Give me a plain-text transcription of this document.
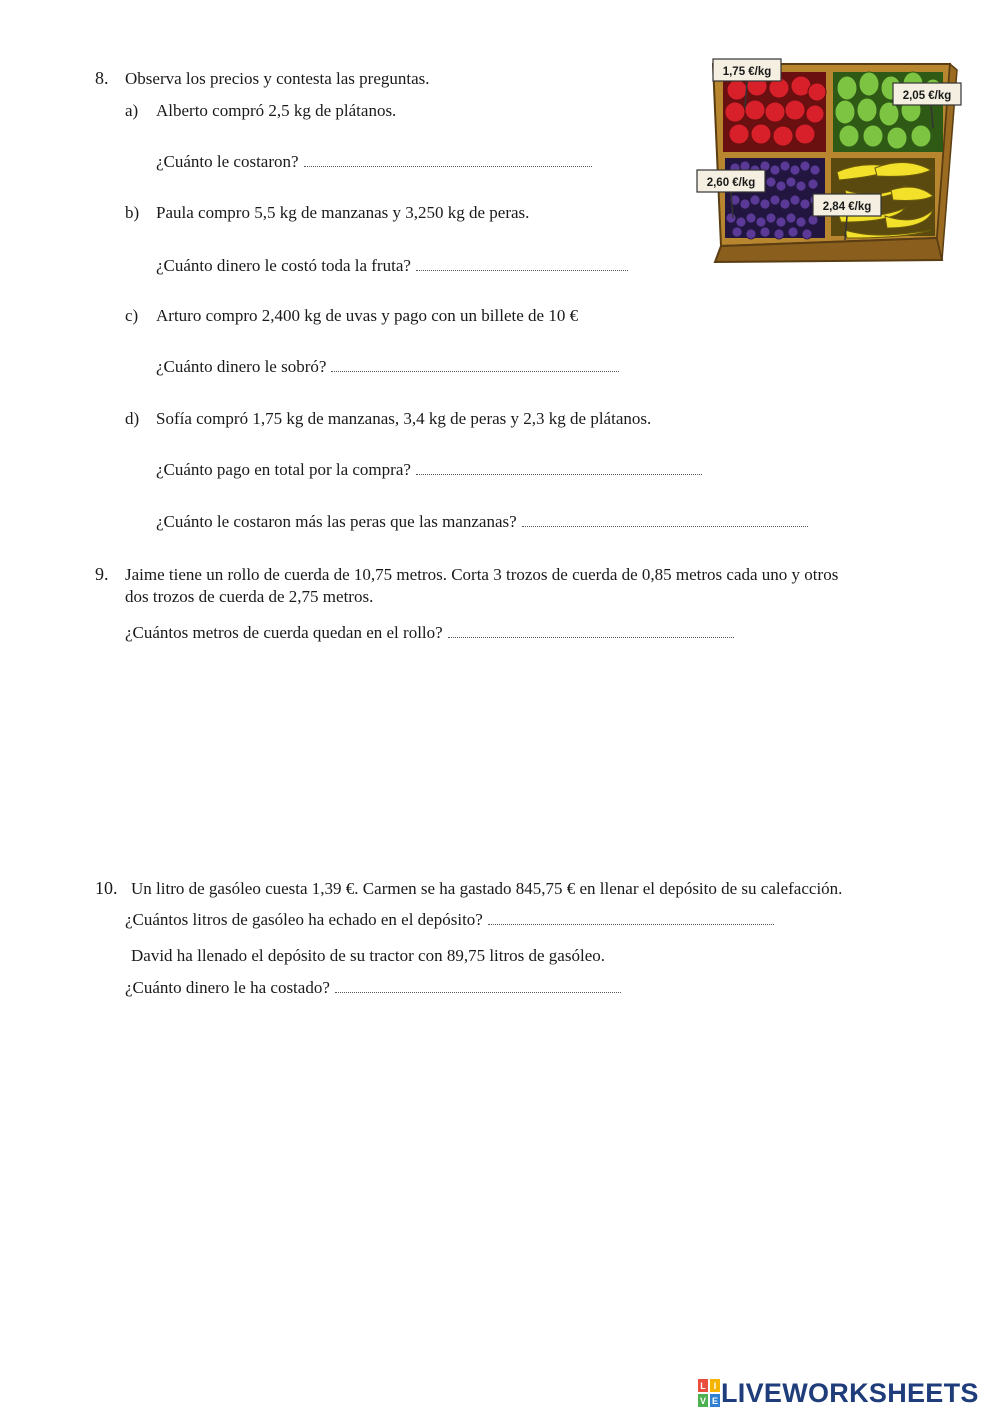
8. Observa los precios y contesta las preguntas.
a) Alberto compró 2,5 kg de plátanos.
¿Cuánto le costaron?
b) Paula compro 5,5 kg de manzanas y 3,250 kg de peras.
¿Cuánto dinero le costó toda la fruta?
c) Arturo compro 2,400 kg de uvas y pago con un billete de 10 €
¿Cuánto dinero le sobró?
d) Sofía compró 1,75 kg de manzanas, 3,4 kg de peras y 2,3 kg de plátanos.
¿Cuánto pago en total por la compra?
¿Cuánto le costaron más las peras que las manzanas?
9. Jaime tiene un rollo de cuerda de 10,75 metros. Corta 3 trozos de cuerda de 0,85 metros cada uno y otros
dos trozos de cuerda de 2,75 metros.
¿Cuántos metros de cuerda quedan en el rollo?
10. Un litro de gasóleo cuesta 1,39 €. Carmen se ha gastado 845,75 € en llenar el depósito de su calefacción.
¿Cuántos litros de gasóleo ha echado en el depósito?
David ha llenado el depósito de su tractor con 89,75 litros de gasóleo.
¿Cuánto dinero le ha costado?
1,75 €/kg
2,05 €/kg
2,60 €/kg
2,84 €/kg
L I
V E LIVEWORKSHEETS
